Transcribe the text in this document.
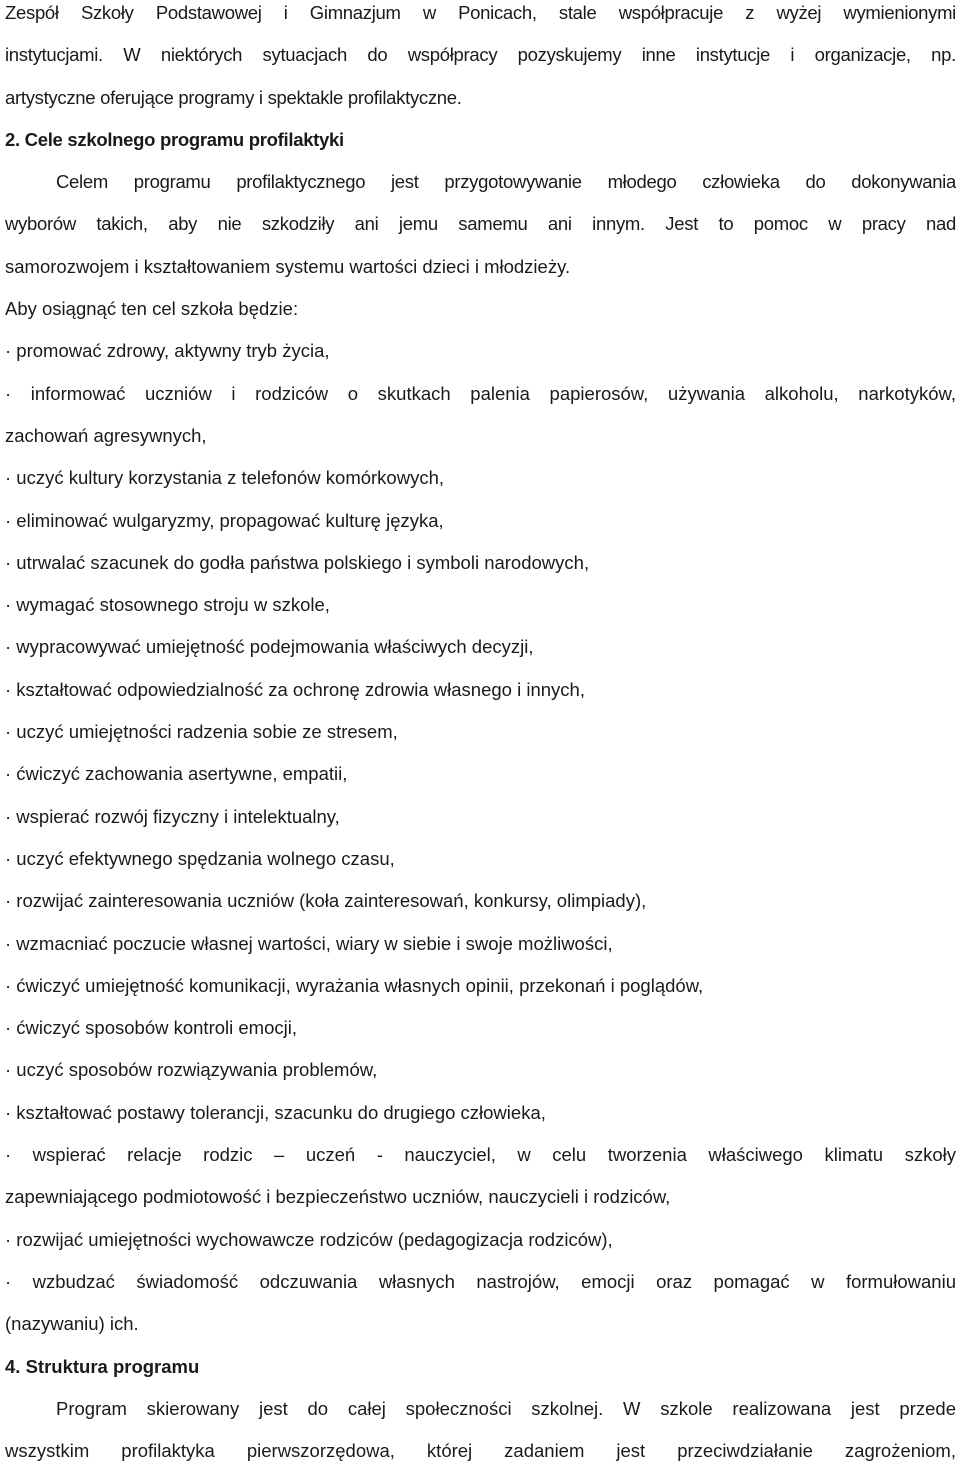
Zespół Szkoły Podstawowej i Gimnazjum w Ponicach, stale współpracuje z wyżej wymienionymi
instytucjami. W niektórych sytuacjach do współpracy pozyskujemy inne instytucje i organizacje, np.
artystyczne oferujące programy i spektakle profilaktyczne.
2. Cele szkolnego programu profilaktyki
Celem programu profilaktycznego jest przygotowywanie młodego człowieka do dokonywania
wyborów takich, aby nie szkodziły ani jemu samemu ani innym. Jest to pomoc w pracy nad
samorozwojem i kształtowaniem systemu wartości dzieci i młodzieży.
Aby osiągnąć ten cel szkoła będzie:
· promować zdrowy, aktywny tryb życia,
· informować uczniów i rodziców o skutkach palenia papierosów, używania alkoholu, narkotyków,
zachowań agresywnych,
· uczyć kultury korzystania z telefonów komórkowych,
· eliminować wulgaryzmy, propagować kulturę języka,
· utrwalać szacunek do godła państwa polskiego i symboli narodowych,
· wymagać stosownego stroju w szkole,
· wypracowywać umiejętność podejmowania właściwych decyzji,
· kształtować odpowiedzialność za ochronę zdrowia własnego i innych,
· uczyć umiejętności radzenia sobie ze stresem,
· ćwiczyć zachowania asertywne, empatii,
· wspierać rozwój fizyczny i intelektualny,
· uczyć efektywnego spędzania wolnego czasu,
· rozwijać zainteresowania uczniów (koła zainteresowań, konkursy, olimpiady),
· wzmacniać poczucie własnej wartości, wiary w siebie i swoje możliwości,
· ćwiczyć umiejętność komunikacji, wyrażania własnych opinii, przekonań i poglądów,
· ćwiczyć sposobów kontroli emocji,
· uczyć sposobów rozwiązywania problemów,
· kształtować postawy tolerancji, szacunku do drugiego człowieka,
· wspierać relacje rodzic – uczeń - nauczyciel, w celu tworzenia właściwego klimatu szkoły
zapewniającego podmiotowość i bezpieczeństwo uczniów, nauczycieli i rodziców,
· rozwijać umiejętności wychowawcze rodziców (pedagogizacja rodziców),
· wzbudzać świadomość odczuwania własnych nastrojów, emocji oraz pomagać w formułowaniu
(nazywaniu) ich.
4. Struktura programu
Program skierowany jest do całej społeczności szkolnej. W szkole realizowana jest przede
wszystkim profilaktyka pierwszorzędowa, której zadaniem jest przeciwdziałanie zagrożeniom,
